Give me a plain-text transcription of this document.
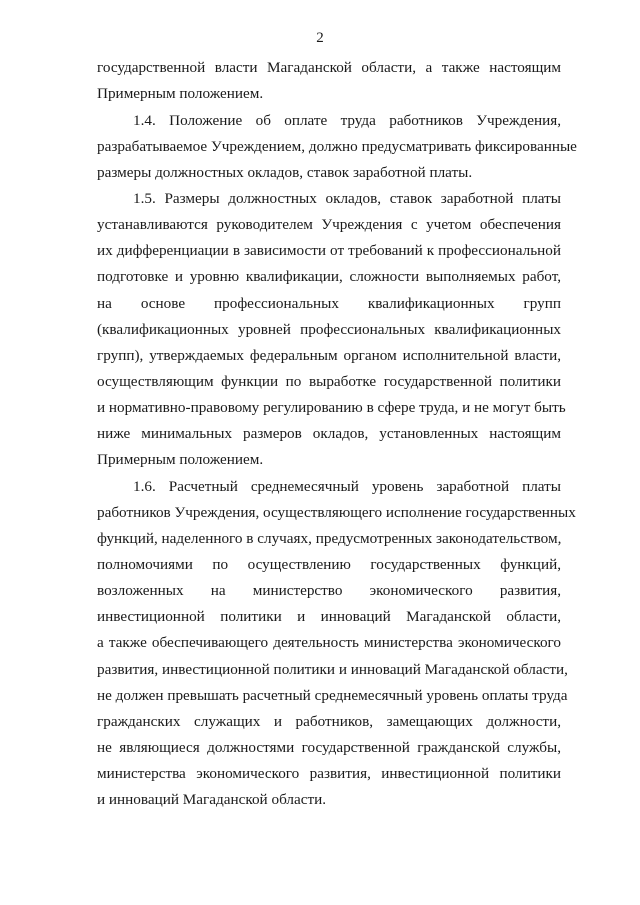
2
государственной власти Магаданской области, а также настоящим
Примерным положением.
1.4. Положение об оплате труда работников Учреждения,
разрабатываемое Учреждением, должно предусматривать фиксированные
размеры должностных окладов, ставок заработной платы.
1.5. Размеры должностных окладов, ставок заработной платы
устанавливаются руководителем Учреждения с учетом обеспечения
их дифференциации в зависимости от требований к профессиональной
подготовке и уровню квалификации, сложности выполняемых работ,
на основе профессиональных квалификационных групп
(квалификационных уровней профессиональных квалификационных
групп), утверждаемых федеральным органом исполнительной власти,
осуществляющим функции по выработке государственной политики
и нормативно-правовому регулированию в сфере труда, и не могут быть
ниже минимальных размеров окладов, установленных настоящим
Примерным положением.
1.6. Расчетный среднемесячный уровень заработной платы
работников Учреждения, осуществляющего исполнение государственных
функций, наделенного в случаях, предусмотренных законодательством,
полномочиями по осуществлению государственных функций,
возложенных на министерство экономического развития,
инвестиционной политики и инноваций Магаданской области,
а также обеспечивающего деятельность министерства экономического
развития, инвестиционной политики и инноваций Магаданской области,
не должен превышать расчетный среднемесячный уровень оплаты труда
гражданских служащих и работников, замещающих должности,
не являющиеся должностями государственной гражданской службы,
министерства экономического развития, инвестиционной политики
и инноваций Магаданской области.
